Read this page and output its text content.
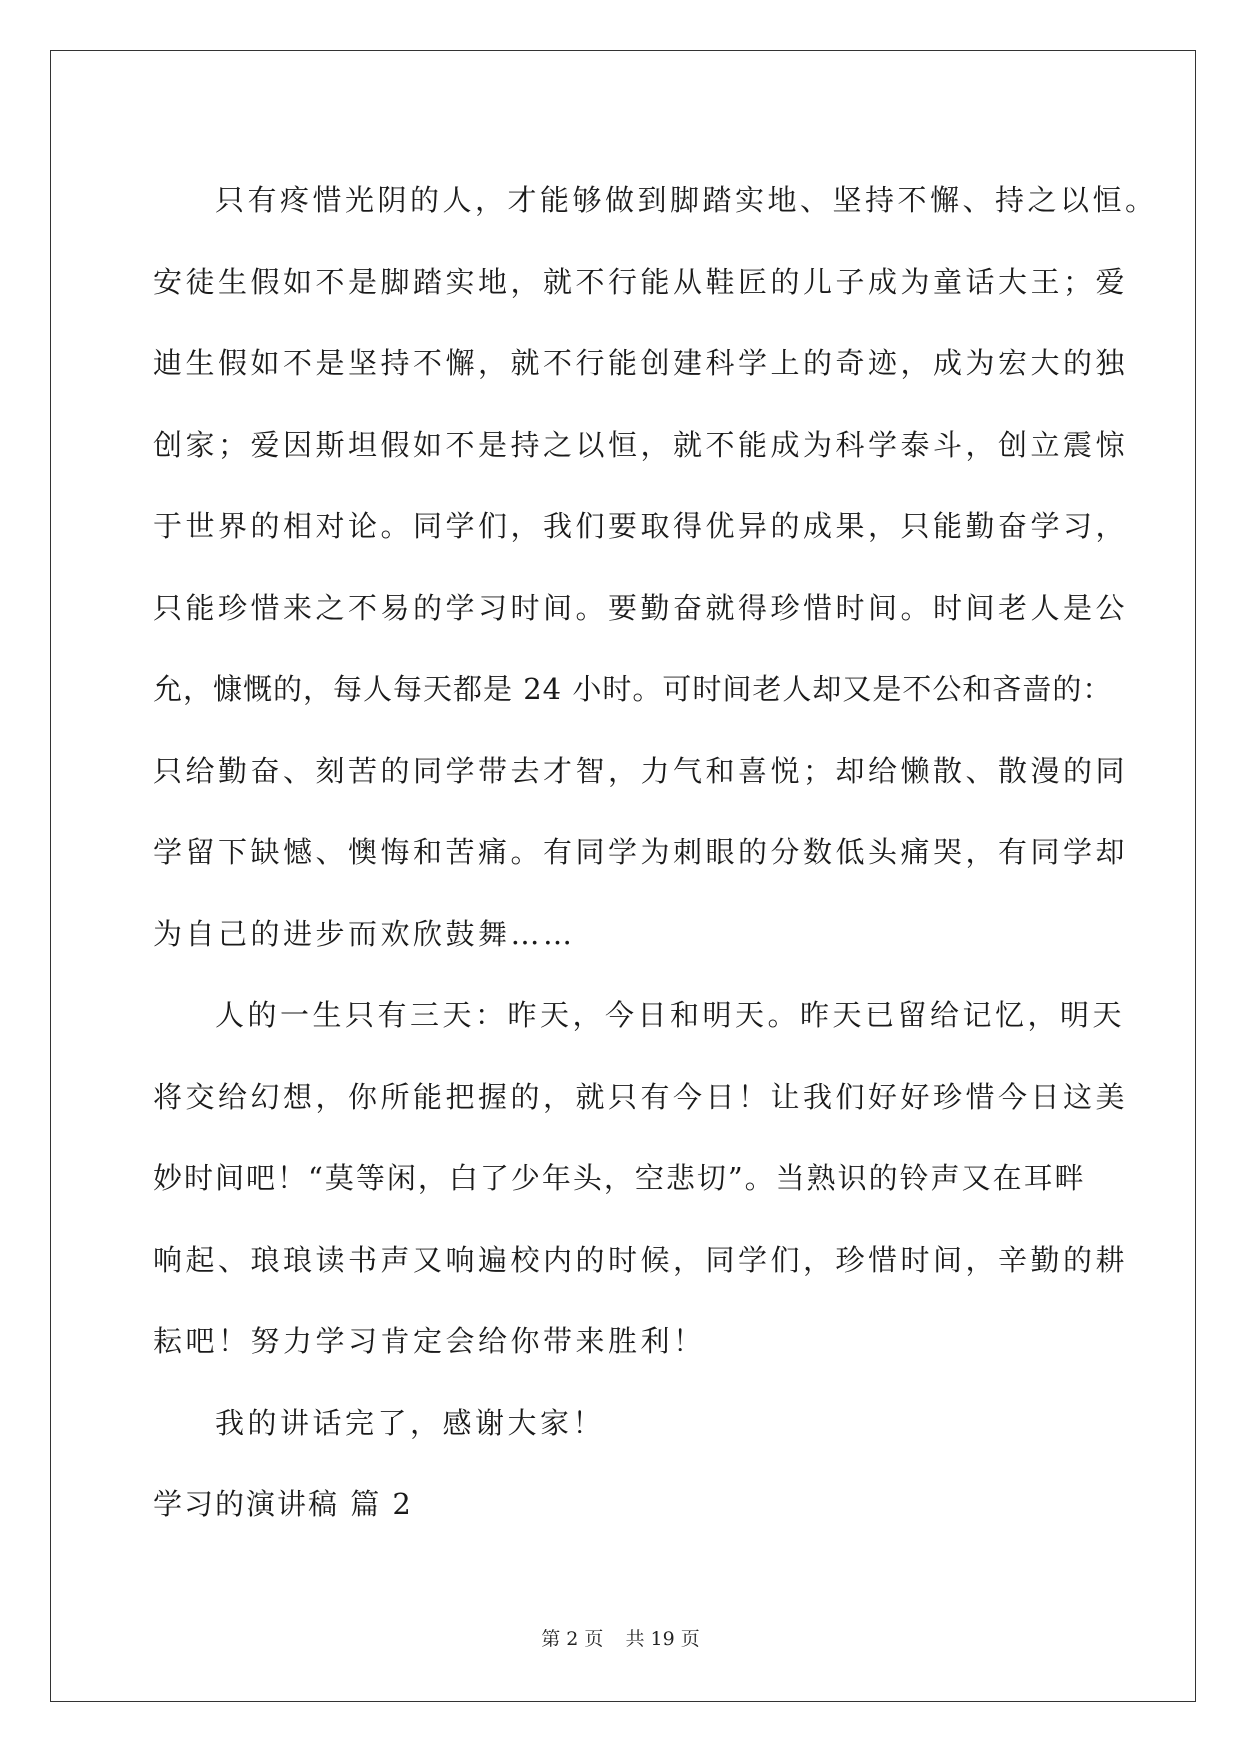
只有疼惜光阴的人，才能够做到脚踏实地、坚持不懈、持之以恒。

安徒生假如不是脚踏实地，就不行能从鞋匠的儿子成为童话大王；爱

迪生假如不是坚持不懈，就不行能创建科学上的奇迹，成为宏大的独

创家；爱因斯坦假如不是持之以恒，就不能成为科学泰斗，创立震惊

于世界的相对论。同学们，我们要取得优异的成果，只能勤奋学习，

只能珍惜来之不易的学习时间。要勤奋就得珍惜时间。时间老人是公

允，慷慨的，每人每天都是 24 小时。可时间老人却又是不公和吝啬的：

只给勤奋、刻苦的同学带去才智，力气和喜悦；却给懒散、散漫的同

学留下缺憾、懊悔和苦痛。有同学为刺眼的分数低头痛哭，有同学却

为自己的进步而欢欣鼓舞……

人的一生只有三天：昨天，今日和明天。昨天已留给记忆，明天

将交给幻想，你所能把握的，就只有今日！让我们好好珍惜今日这美

妙时间吧！“莫等闲，白了少年头，空悲切”。当熟识的铃声又在耳畔

响起、琅琅读书声又响遍校内的时候，同学们，珍惜时间，辛勤的耕

耘吧！努力学习肯定会给你带来胜利！

我的讲话完了，感谢大家！

学习的演讲稿 篇 2

第 2 页 共 19 页
